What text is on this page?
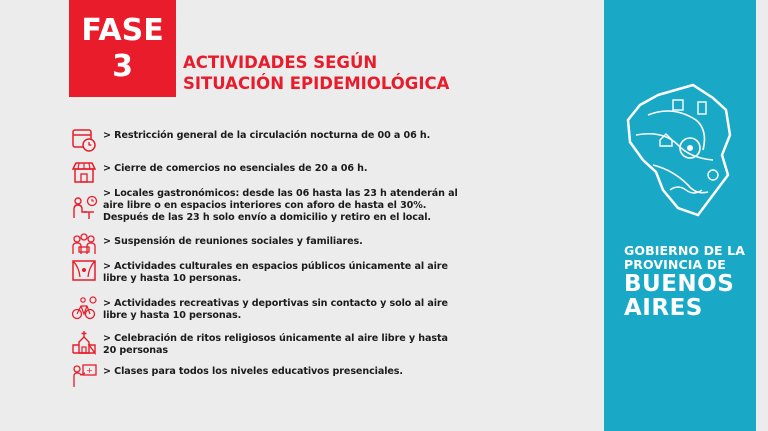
FASE
3	ACTIVIDADES SEGÚN
SITUACIÓN EPIDEMIOLÓGICA
> Restricción general de la circulación nocturna de 00 a 06 h.
> Cierre de comercios no esenciales de 20 a 06 h.
> Locales gastronómicos: desde las 06 hasta las 23 h atenderán al aire libre o en espacios interiores con aforo de hasta el 30%. Después de las 23 h solo envío a domicilio y retiro en el local.
> Suspensión de reuniones sociales y familiares.
> Actividades culturales en espacios públicos únicamente al aire libre y hasta 10 personas.
> Actividades recreativas y deportivas sin contacto y solo al aire libre y hasta 10 personas.
> Celebración de ritos religiosos únicamente al aire libre y hasta 20 personas
+ > Clases para todos los niveles educativos presenciales.
GOBIERNO DE LA
PROVINCIA DE
BUENOS
AIRES
